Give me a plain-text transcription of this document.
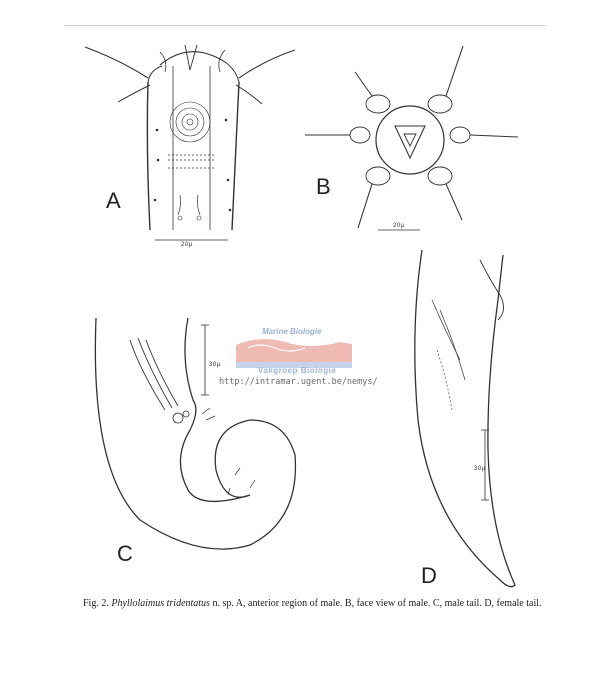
A
B
C
D
20µ
20µ
30µ
30µ
Marine Biologie
Vakgroep Biologie
http://intramar.ugent.be/nemys/
Fig. 2. Phyllolaimus tridentatus n. sp. A, anterior region of male. B, face view of male. C, male tail. D, female tail.
